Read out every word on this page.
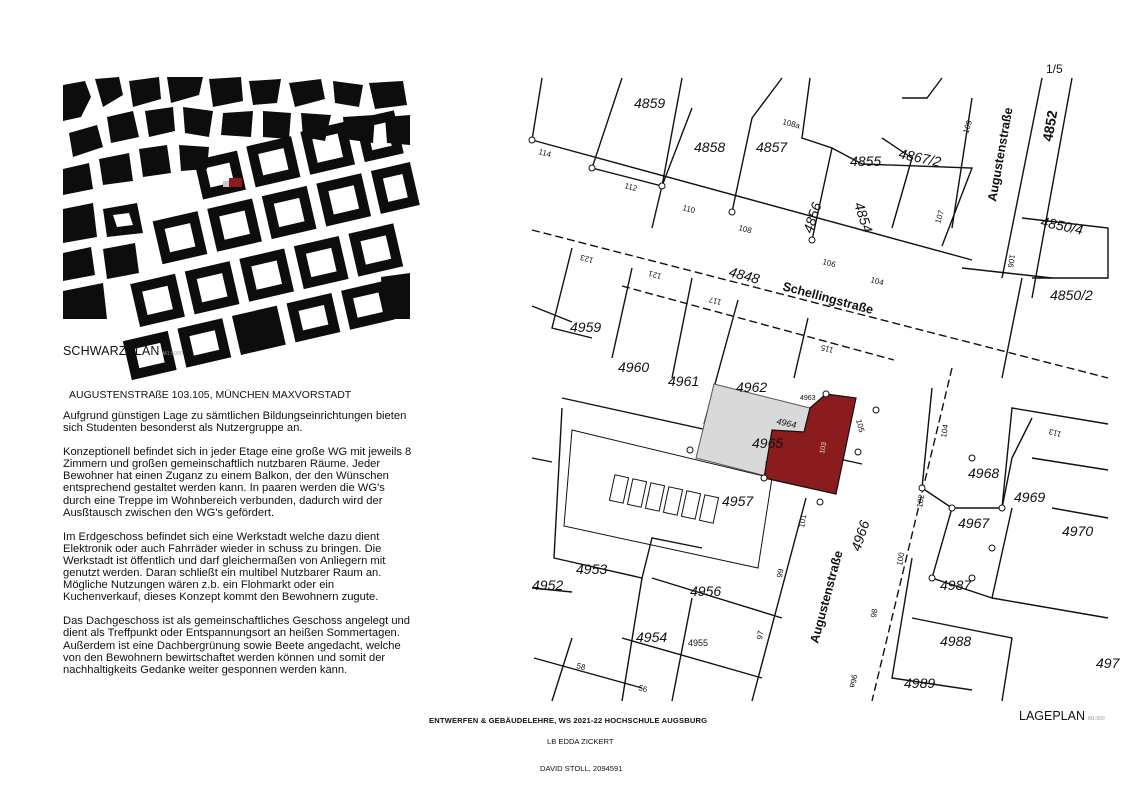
1/5
SCHWARZPLAN M1:5000
AUGUSTENSTRAßE 103.105, MÜNCHEN MAXVORSTADT

Aufgrund günstigen Lage zu sämtlichen Bildungseinrichtungen bieten sich Studenten besonderst als Nutzergruppe an.

Konzeptionell befindet sich in jeder Etage eine große WG mit jeweils 8 Zimmern und großen gemeinschaftlich nutzbaren Räume. Jeder Bewohner hat einen Zuganz zu einem Balkon, der den Wünschen entsprechend gestaltet werden kann. In paaren werden die WG's durch eine Treppe im Wohnbereich verbunden, dadurch wird der Ausßtausch zwischen den WG's gefördert.

Im Erdgeschoss befindet sich eine Werkstadt welche dazu dient Elektronik oder auch Fahrräder wieder in schuss zu bringen. Die Werkstadt ist öffentlich und darf gleichermaßen von Anliegern mit genutzt werden. Daran schließt ein multibel Nutzbarer Raum an. Mögliche Nutzungen wären z.b. ein Flohmarkt oder ein Kuchenverkauf, dieses Konzept kommt den Bewohnern zugute.

Das Dachgeschoss ist als gemeinschaftliches Geschoss angelegt und dient als Treffpunkt oder Entspannungsort an heißen Sommertagen. Außerdem ist eine Dachbergrünung sowie Beete angedacht, welche von den Bewohnern bewirtschaftet werden können und somit der nachhaltigkeits Gedanke weiter gesponnen werden kann.

4859
4858 4857
4855 4867/2
4856 4854
4848
4850/4
4850/2
4959
4960
4961	4962
4963
4964
4965
4957
4953
4952	4956
4954 4955
4968
4969
4967	4970
4987
4988
4989
4966
4852
497
114
112
110
108
108a
106
104
107
109
123
121
117
115
105
103
101
99
97
58
56
113
104
102
100
98
96a
106
Schellingstraße
Augustenstraße
Augustenstraße
LAGEPLAN M1:500
ENTWERFEN & GEBÄUDELEHRE, WS 2021-22 HOCHSCHULE AUGSBURG
LB EDDA ZICKERT
DAVID STOLL, 2094591
